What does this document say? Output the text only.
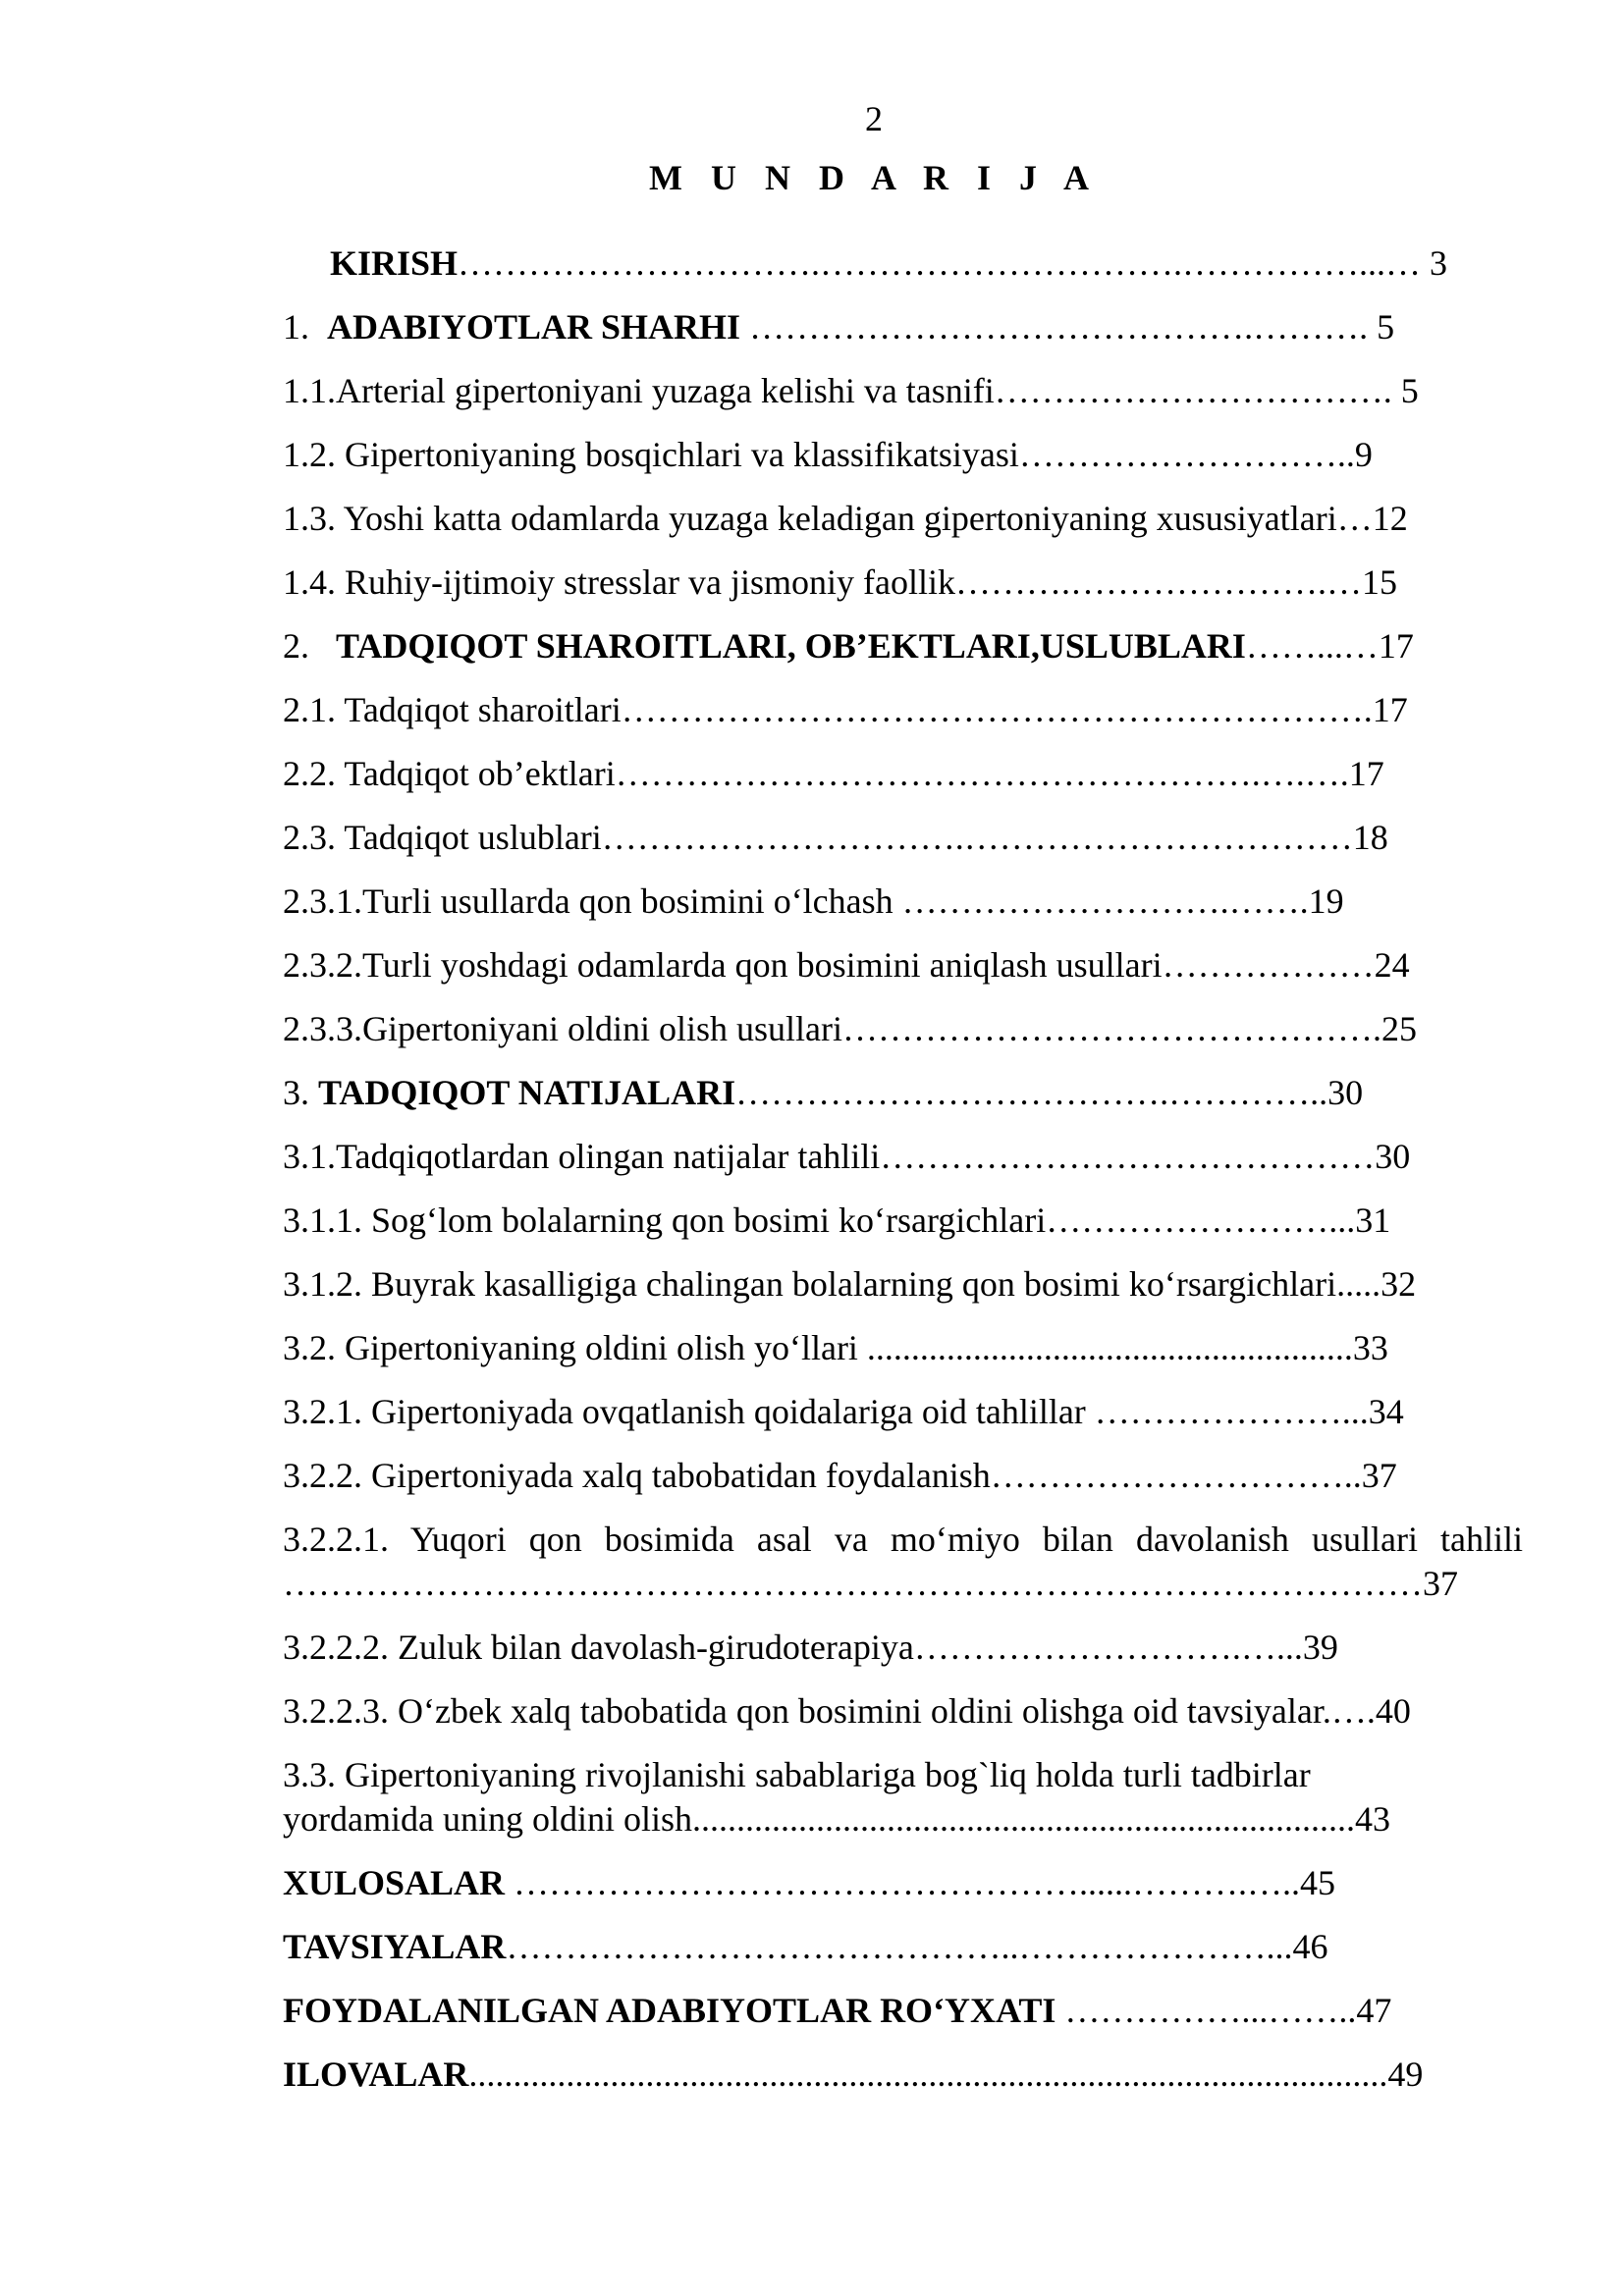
2
M U N D A R I J A
KIRISH………………………….………………………….……………...… 3
1. ADABIYOTLAR SHARHI …………………………………….………. 5
1.1.Arterial gipertoniyani yuzaga kelishi va tasnifi……………………………. 5
1.2. Gipertoniyaning bosqichlari va klassifikatsiyasi………………………..9
1.3. Yoshi katta odamlarda yuzaga keladigan gipertoniyaning xususiyatlari…12
1.4. Ruhiy-ijtimoiy stresslar va jismoniy faollik……….………………….…15
2. TADQIQOT SHAROITLARI, OB’EKTLARI,USLUBLARI……...…17
2.1. Tadqiqot sharoitlari……………………………………………………….17
2.2. Tadqiqot ob’ektlari……………………………………………….….….17
2.3. Tadqiqot uslublari………………………….……………………………18
2.3.1.Turli usullarda qon bosimini o‘lchash ……………………….…….19
2.3.2.Turli yoshdagi odamlarda qon bosimini aniqlash usullari………………24
2.3.3.Gipertoniyani oldini olish usullari……………………………………….25
3. TADQIQOT NATIJALARI……………………………….…………..30
3.1.Tadqiqotlardan olingan natijalar tahlili……………………………………30
3.1.1. Sog‘lom bolalarning qon bosimi ko‘rsargichlari……………………...31
3.1.2. Buyrak kasalligiga chalingan bolalarning qon bosimi ko‘rsargichlari.....32
3.2. Gipertoniyaning oldini olish yo‘llari .......................................................33
3.2.1. Gipertoniyada ovqatlanish qoidalariga oid tahlillar …………………...34
3.2.2. Gipertoniyada xalq tabobatidan foydalanish…………………………..37
3.2.2.1. Yuqori qon bosimida asal va mo‘miyo bilan davolanish usullari tahlili
……………………….……………………………………………………………37
3.2.2.2. Zuluk bilan davolash-girudoterapiya……………………….…...39
3.2.2.3. O‘zbek xalq tabobatida qon bosimini oldini olishga oid tavsiyalar.….40
3.3. Gipertoniyaning rivojlanishi sabablariga bog`liq holda turli tadbirlar
yordamida uning oldini olish...........................................................................43
XULOSALAR …………………………………………......……….…..45
TAVSIYALAR……………………………………..…………………...46
FOYDALANILGAN ADABIYOTLAR RO‘YXATI ……………...……..47
ILOVALAR........................................................................................................49
